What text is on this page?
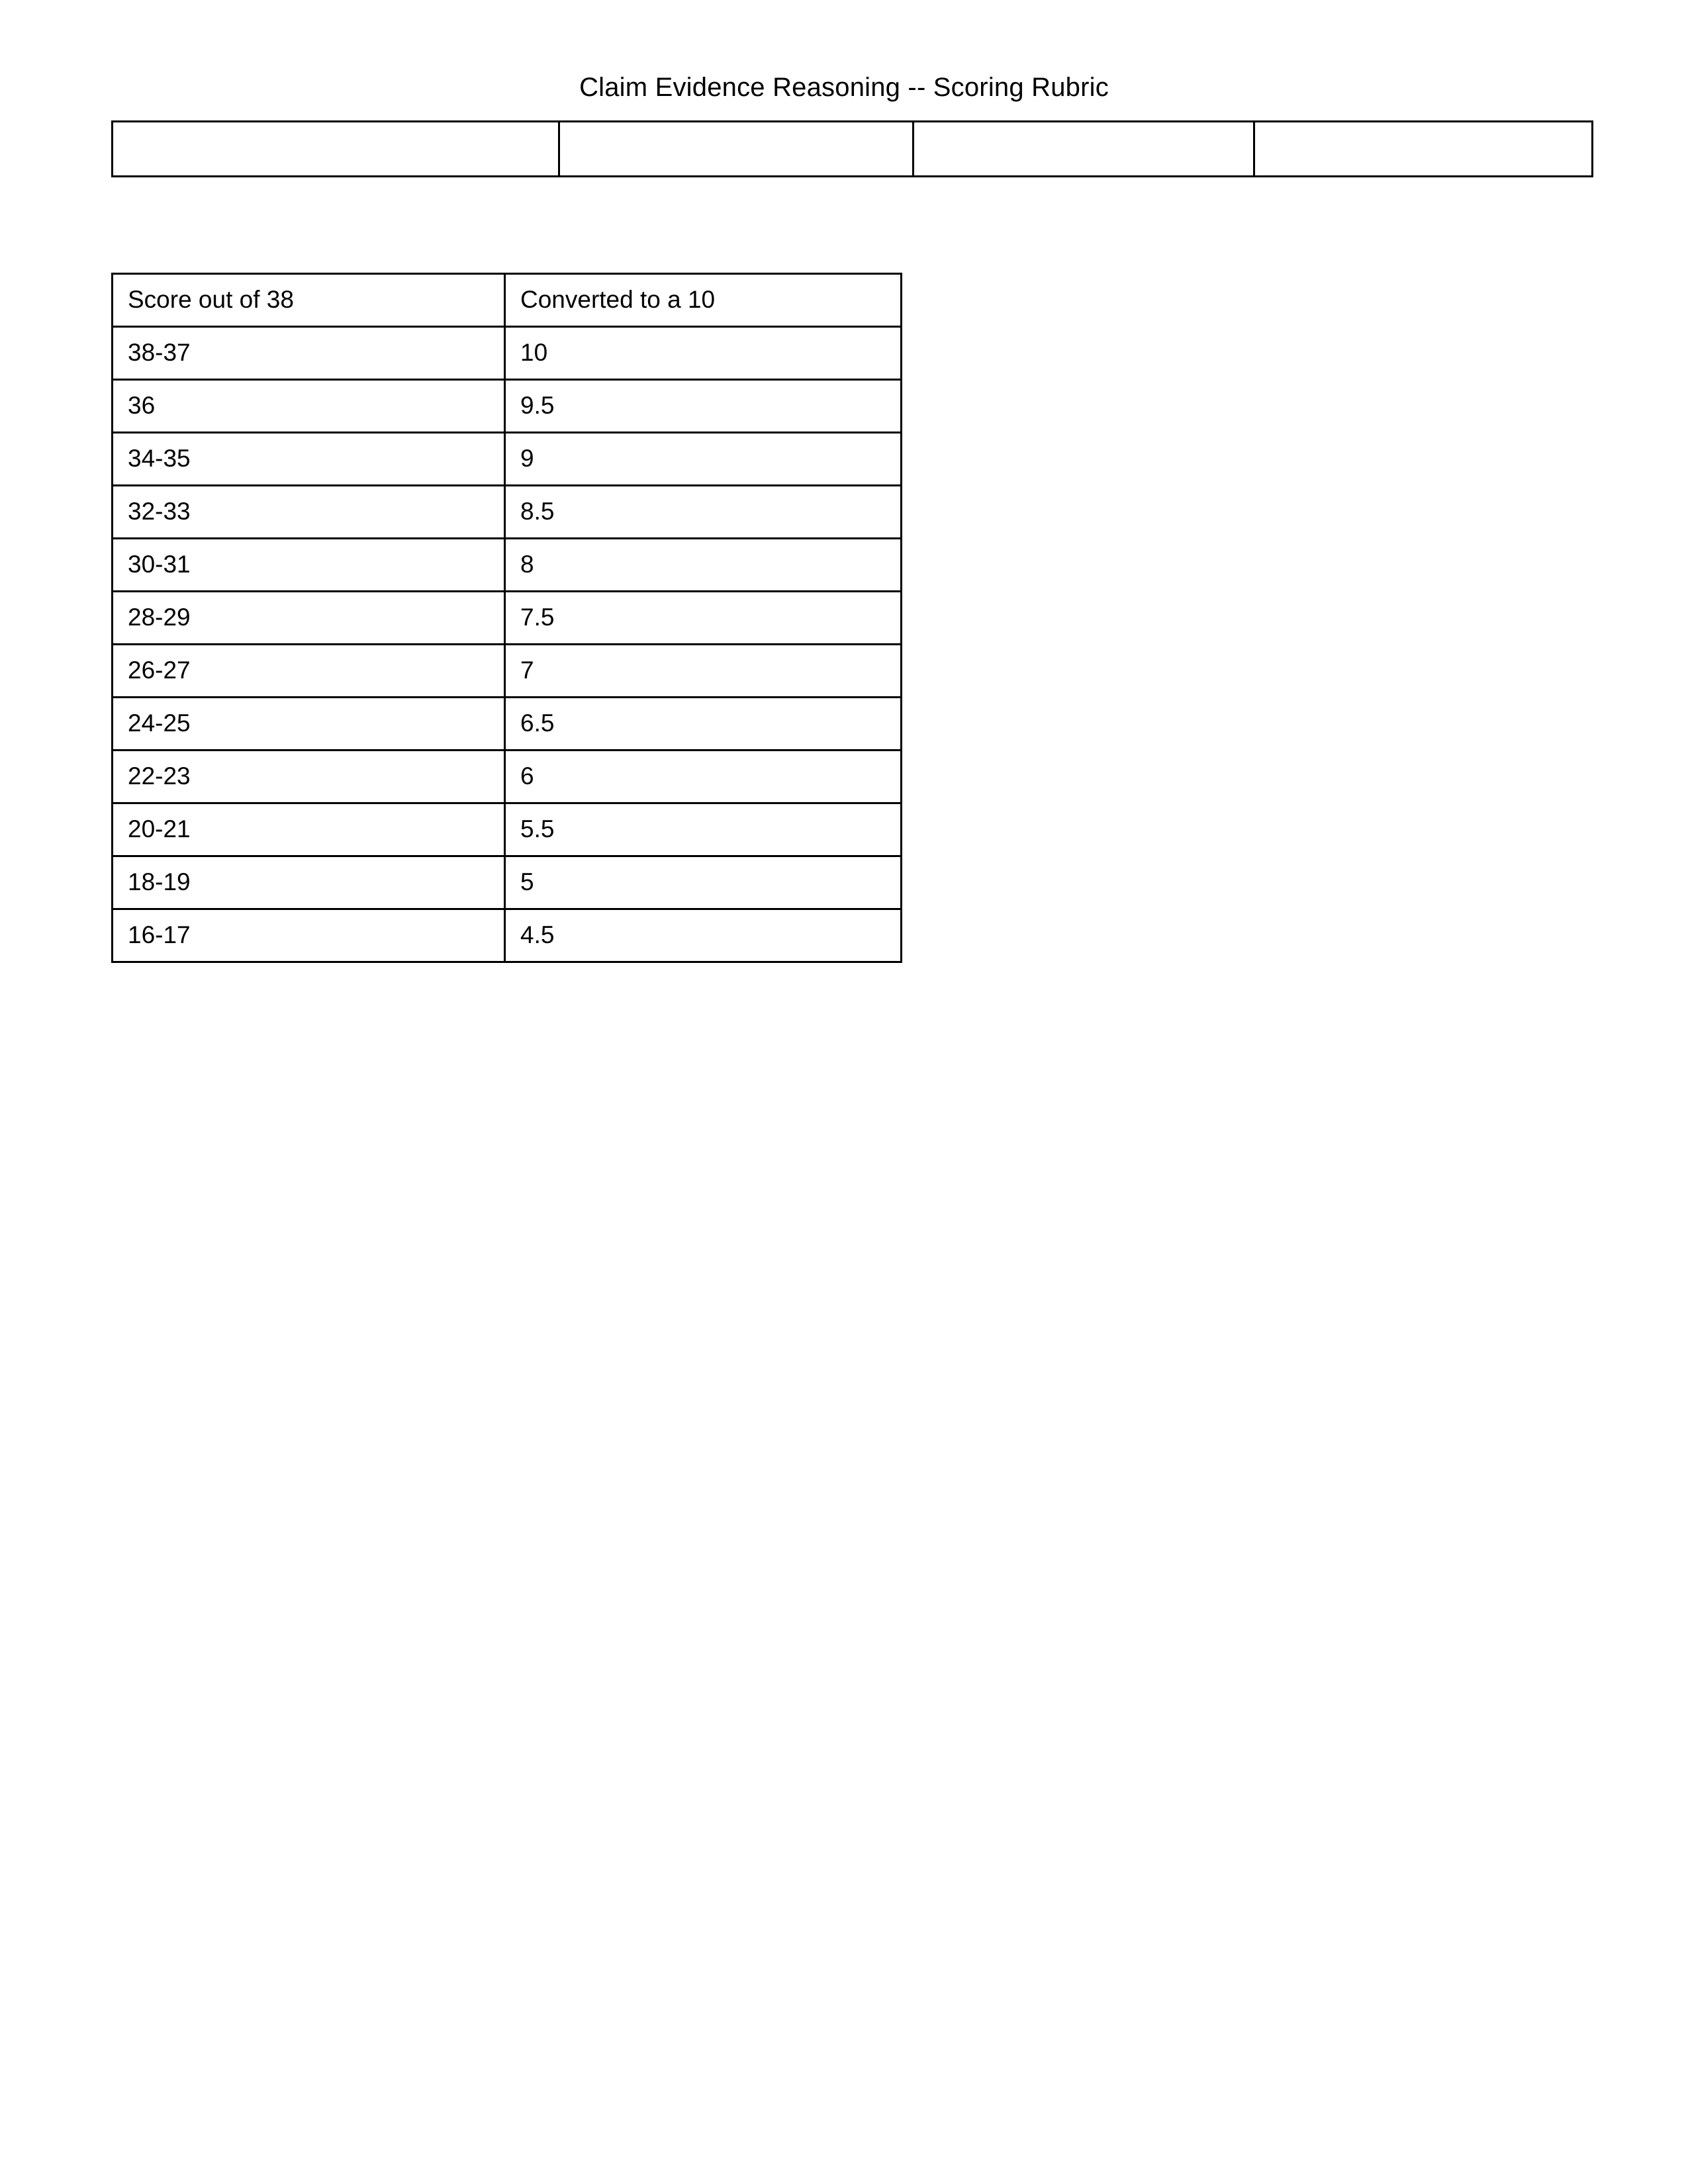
Claim Evidence Reasoning -- Scoring Rubric

Score out of 38	Converted to a 10
38-37	10
36	9.5
34-35	9
32-33	8.5
30-31	8
28-29	7.5
26-27	7
24-25	6.5
22-23	6
20-21	5.5
18-19	5
16-17	4.5
